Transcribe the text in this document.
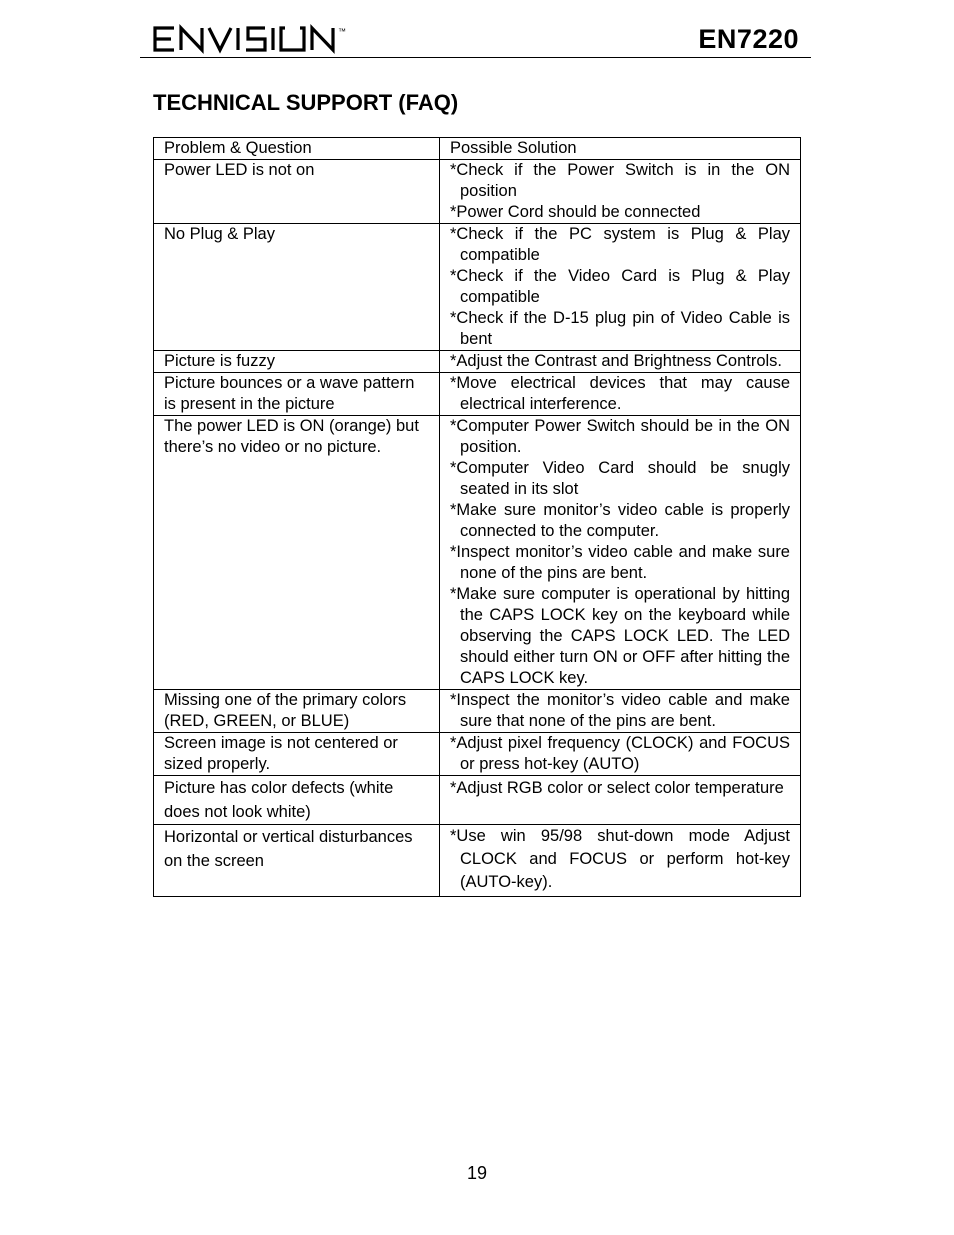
™	EN7220
TECHNICAL SUPPORT (FAQ)
Problem & Question	Possible Solution
Power LED is not on	*Check if the Power Switch is in the ON position
*Power Cord should be connected

No Plug & Play	*Check if the PC system is Plug & Play compatible
*Check if the Video Card is Plug & Play compatible
*Check if the D-15 plug pin of Video Cable is bent

Picture is fuzzy	*Adjust the Contrast and Brightness Controls.

Picture bounces or a wave pattern is present in the picture	*Move electrical devices that may cause electrical interference.

The power LED is ON (orange) but there’s no video or no picture.	*Computer Power Switch should be in the ON position.
*Computer Video Card should be snugly seated in its slot
*Make sure monitor’s video cable is properly connected to the computer.
*Inspect monitor’s video cable and make sure none of the pins are bent.
*Make sure computer is operational by hitting the CAPS LOCK key on the keyboard while observing the CAPS LOCK LED. The LED should either turn ON or OFF after hitting the CAPS LOCK key.

Missing one of the primary colors (RED, GREEN, or BLUE)	*Inspect the monitor’s video cable and make sure that none of the pins are bent.

Screen image is not centered or sized properly.	*Adjust pixel frequency (CLOCK) and FOCUS or press hot-key (AUTO)

Picture has color defects (white does not look white)	*Adjust RGB color or select color temperature

Horizontal or vertical disturbances on the screen	*Use win 95/98 shut-down mode Adjust CLOCK and FOCUS or perform hot-key (AUTO-key).
19
